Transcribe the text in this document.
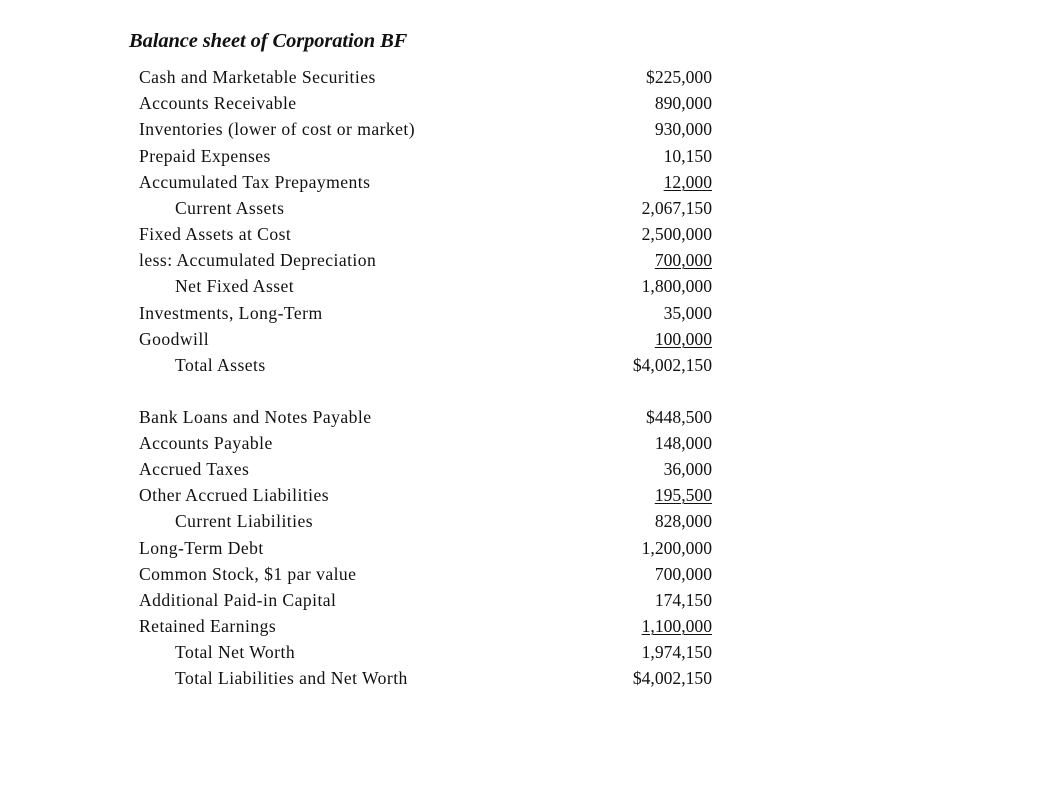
Balance sheet of Corporation BF
Cash and Marketable Securities	$225,000
Accounts Receivable	890,000
Inventories (lower of cost or market)	930,000
Prepaid Expenses	10,150
Accumulated Tax Prepayments	12,000
Current Assets	2,067,150
Fixed Assets at Cost	2,500,000
less: Accumulated Depreciation	700,000
Net Fixed Asset	1,800,000
Investments, Long-Term	35,000
Goodwill	100,000
Total Assets	$4,002,150
Bank Loans and Notes Payable	$448,500
Accounts Payable	148,000
Accrued Taxes	36,000
Other Accrued Liabilities	195,500
Current Liabilities	828,000
Long-Term Debt	1,200,000
Common Stock, $1 par value	700,000
Additional Paid-in Capital	174,150
Retained Earnings	1,100,000
Total Net Worth	1,974,150
Total Liabilities and Net Worth	$4,002,150
